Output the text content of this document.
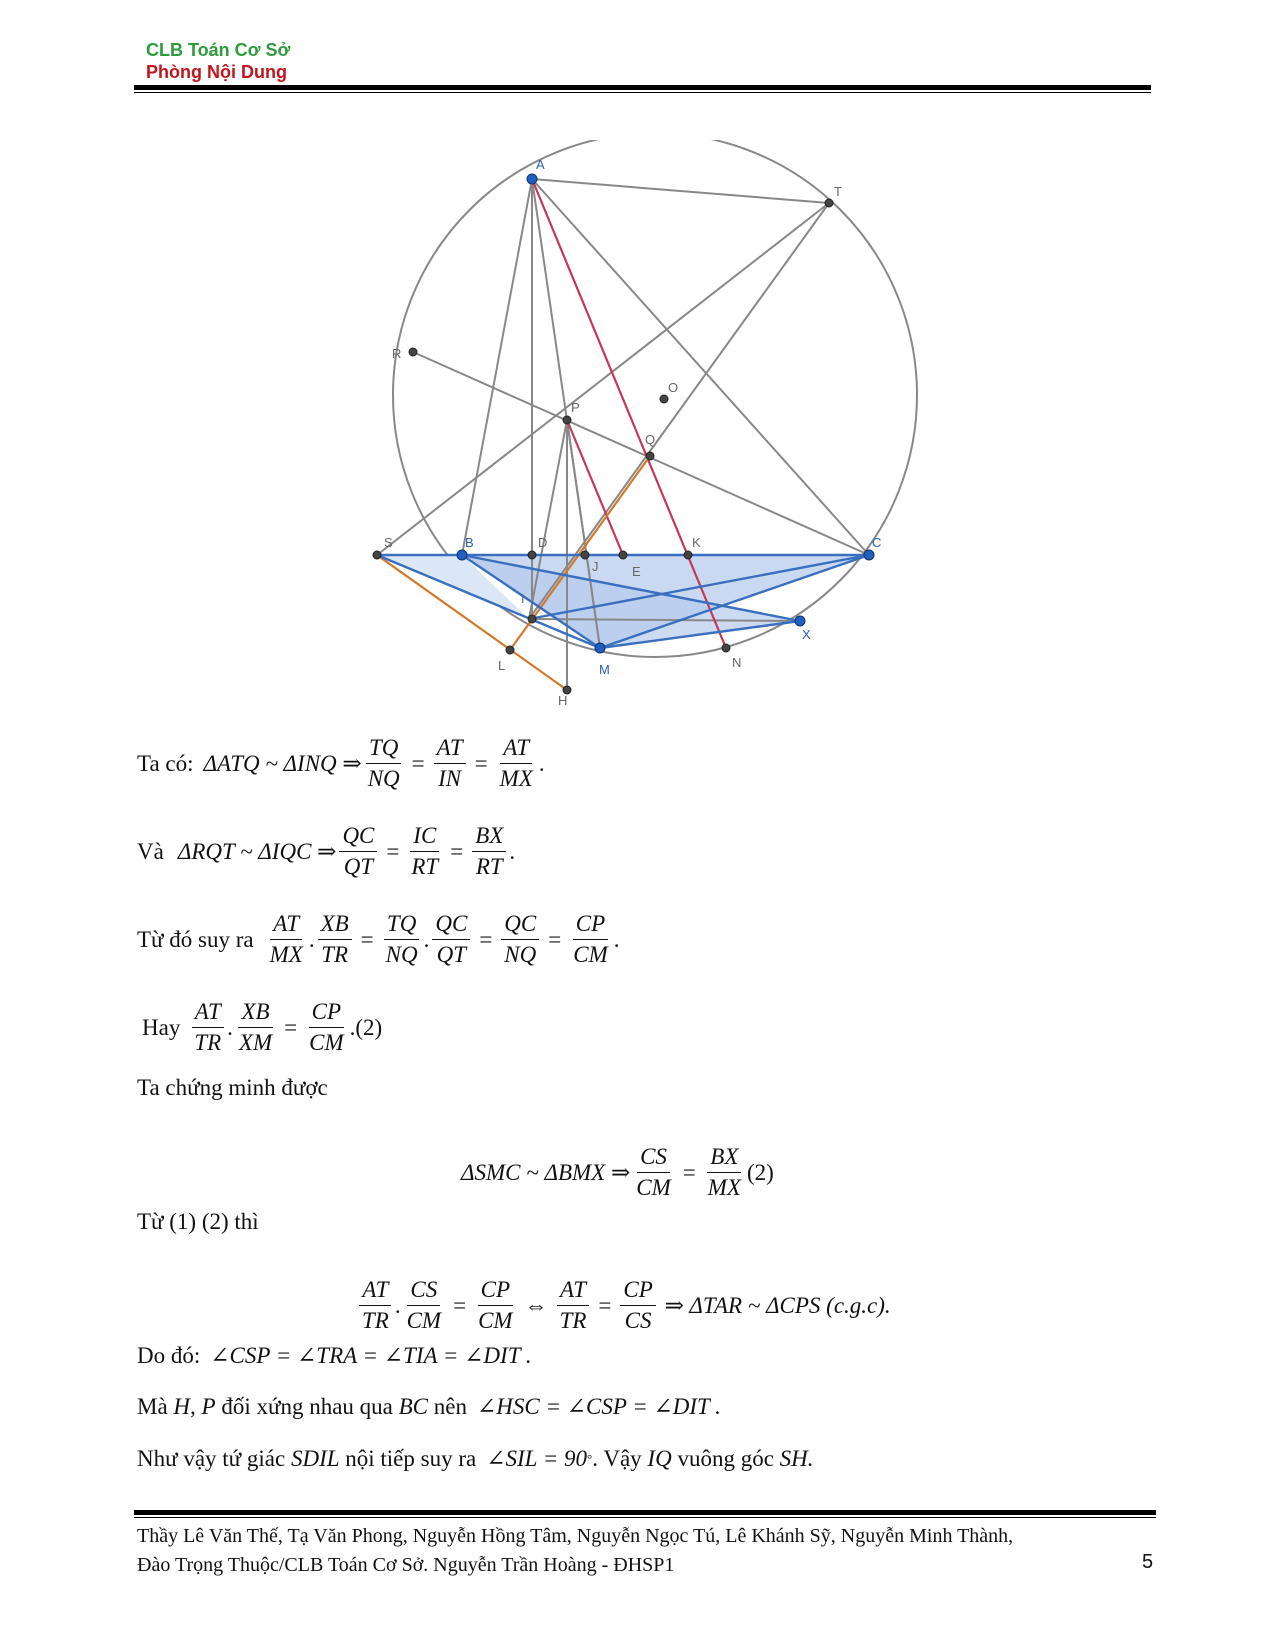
CLB Toán Cơ Sở
Phòng Nội Dung
A
T
R
O
P
Q
S	B	D
J	E
K	C
I
X
L	M	N
H
Ta có: ΔATQ ~ ΔINQ ⇒ $\frac{TQ}{NQ} = \frac{AT}{IN} = \frac{AT}{MX}$ .
Và ΔRQT ~ ΔIQC ⇒ $\frac{QC}{QT} = \frac{IC}{RT} = \frac{BX}{RT}$ .
Từ đó suy ra $\frac{AT}{MX}$ . $\frac{XB}{TR} = \frac{TQ}{NQ}$ . $\frac{QC}{QT} = \frac{QC}{NQ} = \frac{CP}{CM}$ .
Hay $\frac{AT}{TR}$ . $\frac{XB}{XM} = \frac{CP}{CM}$ . (2)
Ta chứng minh được
ΔSMC ~ ΔBMX ⇒ $\frac{CS}{CM} = \frac{BX}{MX} (2)$
Từ (1) (2) thì
$\frac{AT}{TR}$ . $\frac{CS}{CM} = \frac{CP}{CM}$ ⇔ $\frac{AT}{TR} = \frac{CP}{CS}$ ⇒ ΔTAR ~ ΔCPS (c.g.c).
Do đó: ∠CSP = ∠TRA = ∠TIA = ∠DIT .
Mà
H, P
đối xứng nhau qua
BC
nên ∠HSC = ∠CSP = ∠DIT .
Như vậy tứ giác
SDIL
nội tiếp suy ra ∠SIL = 90 ° . Vậy
IQ
vuông góc
SH.
Thầy Lê Văn Thế, Tạ Văn Phong, Nguyễn Hồng Tâm, Nguyễn Ngọc Tú, Lê Khánh Sỹ, Nguyễn Minh Thành,
Đào Trọng Thuộc/CLB Toán Cơ Sở. Nguyễn Trần Hoàng - ĐHSP1	5
